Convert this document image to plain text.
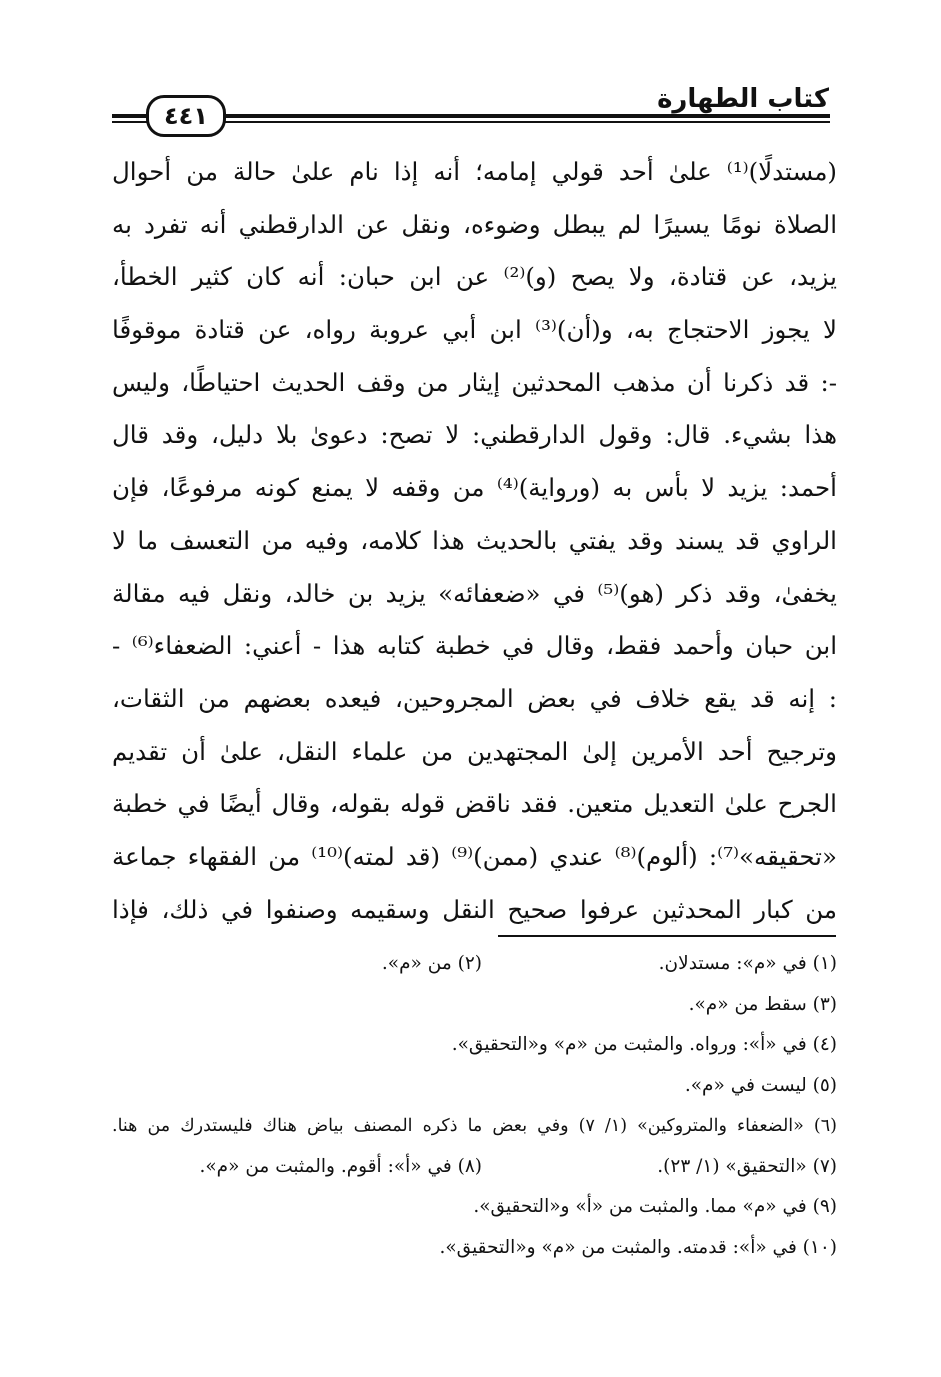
كتاب الطهارة
٤٤١
(مستدلًا)⁽¹⁾ علىٰ أحد قولي إمامه؛ أنه إذا نام علىٰ حالة من أحوال
الصلاة نومًا يسيرًا لم يبطل وضوءه، ونقل عن الدارقطني أنه تفرد به
يزيد، عن قتادة، ولا يصح (و)⁽²⁾ عن ابن حبان: أنه كان كثير الخطأ،
لا يجوز الاحتجاج به، و(أن)⁽³⁾ ابن أبي عروبة رواه، عن قتادة موقوفًا
-: قد ذكرنا أن مذهب المحدثين إيثار من وقف الحديث احتياطًا، وليس
هذا بشيء. قال: وقول الدارقطني: لا تصح: دعوىٰ بلا دليل، وقد قال
أحمد: يزيد لا بأس به (ورواية)⁽⁴⁾ من وقفه لا يمنع كونه مرفوعًا، فإن
الراوي قد يسند وقد يفتي بالحديث هذا كلامه، وفيه من التعسف ما لا
يخفىٰ، وقد ذكر (هو)⁽⁵⁾ في «ضعفائه» يزيد بن خالد، ونقل فيه مقالة
ابن حبان وأحمد فقط، وقال في خطبة كتابه هذا - أعني: الضعفاء⁽⁶⁾ -
: إنه قد يقع خلاف في بعض المجروحين، فيعده بعضهم من الثقات،
وترجيح أحد الأمرين إلىٰ المجتهدين من علماء النقل، علىٰ أن تقديم
الجرح علىٰ التعديل متعين. فقد ناقض قوله بقوله، وقال أيضًا في خطبة
«تحقيقه»⁽⁷⁾: (ألوم)⁽⁸⁾ عندي (ممن)⁽⁹⁾ (قد لمته)⁽¹⁰⁾ من الفقهاء جماعة
من كبار المحدثين عرفوا صحيح النقل وسقيمه وصنفوا في ذلك، فإذا
(١) في «م»: مستدلان.(٢) من «م».
(٣) سقط من «م».
(٤) في «أ»: وروا‌ه. والمثبت من «م» و«التحقيق».
(٥) ليست في «م».
(٦) «الضعفاء والمتروكين» (١/ ٧) وفي بعض ما ذكره المصنف بياض هناك فليستدرك من هنا.
(٧) «التحقيق» (١/ ٢٣).(٨) في «أ»: أقوم. والمثبت من «م».
(٩) في «م» مما. والمثبت من «أ» و«التحقيق».
(١٠) في «أ»: قدمته. والمثبت من «م» و«التحقيق».
